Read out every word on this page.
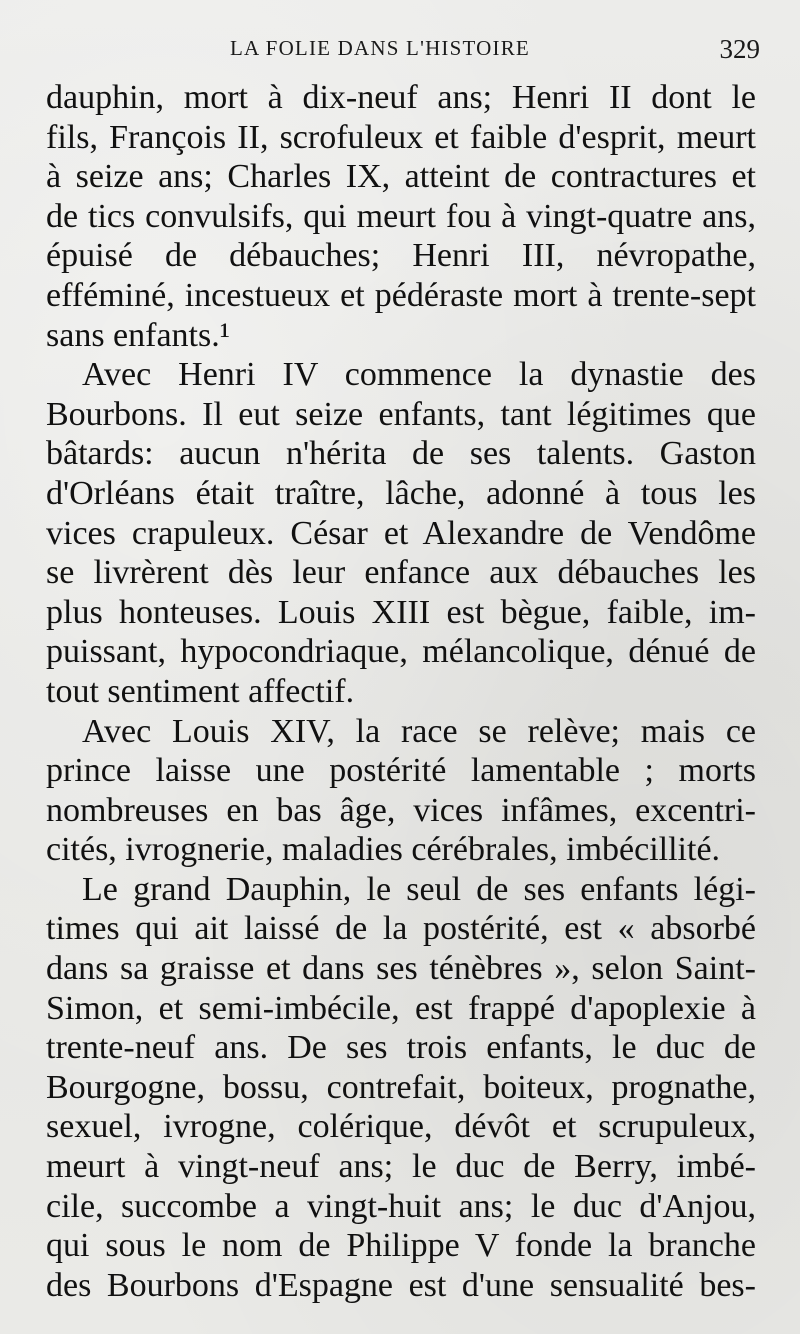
LA FOLIE DANS L'HISTOIRE	329
dauphin, mort à dix-neuf ans; Henri II dont le
fils, François II, scrofuleux et faible d'esprit, meurt
à seize ans; Charles IX, atteint de contractures et
de tics convulsifs, qui meurt fou à vingt-quatre ans,
épuisé de débauches; Henri III, névropathe,
efféminé, incestueux et pédéraste mort à trente-sept
sans enfants.¹
Avec Henri IV commence la dynastie des
Bourbons. Il eut seize enfants, tant légitimes que
bâtards: aucun n'hérita de ses talents. Gaston
d'Orléans était traître, lâche, adonné à tous les
vices crapuleux. César et Alexandre de Vendôme
se livrèrent dès leur enfance aux débauches les
plus honteuses. Louis XIII est bègue, faible, im-
puissant, hypocondriaque, mélancolique, dénué de
tout sentiment affectif.
Avec Louis XIV, la race se relève; mais ce
prince laisse une postérité lamentable ; morts
nombreuses en bas âge, vices infâmes, excentri-
cités, ivrognerie, maladies cérébrales, imbécillité.
Le grand Dauphin, le seul de ses enfants légi-
times qui ait laissé de la postérité, est « absorbé
dans sa graisse et dans ses ténèbres », selon Saint-
Simon, et semi-imbécile, est frappé d'apoplexie à
trente-neuf ans. De ses trois enfants, le duc de
Bourgogne, bossu, contrefait, boiteux, prognathe,
sexuel, ivrogne, colérique, dévôt et scrupuleux,
meurt à vingt-neuf ans; le duc de Berry, imbé-
cile, succombe a vingt-huit ans; le duc d'Anjou,
qui sous le nom de Philippe V fonde la branche
des Bourbons d'Espagne est d'une sensualité bes-
